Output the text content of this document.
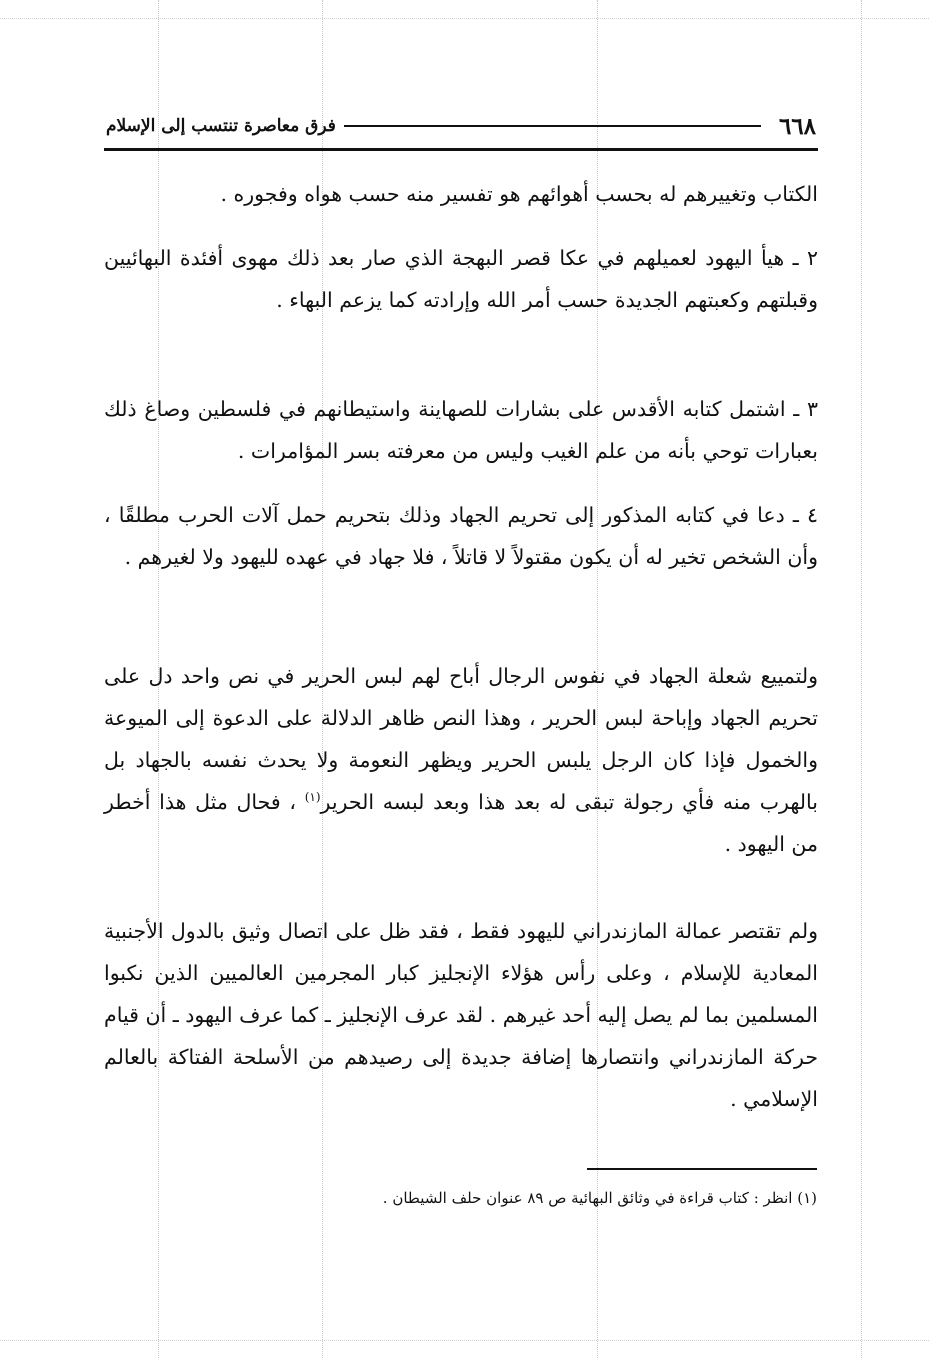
٦٦٨
فرق معاصرة تنتسب إلى الإسلام

الكتاب وتغييرهم له بحسب أهوائهم هو تفسير منه حسب هواه وفجوره .

٢ ـ هيأ اليهود لعميلهم في عكا قصر البهجة الذي صار بعد ذلك مهوى أفئدة البهائيين وقبلتهم وكعبتهم الجديدة حسب أمر الله وإرادته كما يزعم البهاء .

٣ ـ اشتمل كتابه الأقدس على بشارات للصهاينة واستيطانهم في فلسطين وصاغ ذلك بعبارات توحي بأنه من علم الغيب وليس من معرفته بسر المؤامرات .

٤ ـ دعا في كتابه المذكور إلى تحريم الجهاد وذلك بتحريم حمل آلات الحرب مطلقًا ، وأن الشخص تخير له أن يكون مقتولاً لا قاتلاً ، فلا جهاد في عهده لليهود ولا لغيرهم .

ولتمييع شعلة الجهاد في نفوس الرجال أباح لهم لبس الحرير في نص واحد دل على تحريم الجهاد وإباحة لبس الحرير ، وهذا النص ظاهر الدلالة على الدعوة إلى الميوعة والخمول فإذا كان الرجل يلبس الحرير ويظهر النعومة ولا يحدث نفسه بالجهاد بل بالهرب منه فأي رجولة تبقى له بعد هذا وبعد لبسه الحرير$^{(١)}$ ، فحال مثل هذا أخطر من اليهود .

ولم تقتصر عمالة المازندراني لليهود فقط ، فقد ظل على اتصال وثيق بالدول الأجنبية المعادية للإسلام ، وعلى رأس هؤلاء الإنجليز كبار المجرمين العالميين الذين نكبوا المسلمين بما لم يصل إليه أحد غيرهم . لقد عرف الإنجليز ـ كما عرف اليهود ـ أن قيام حركة المازندراني وانتصارها إضافة جديدة إلى رصيدهم من الأسلحة الفتاكة بالعالم الإسلامي .

(١) انظر : كتاب قراءة في وثائق البهائية ص ٨٩ عنوان حلف الشيطان .
